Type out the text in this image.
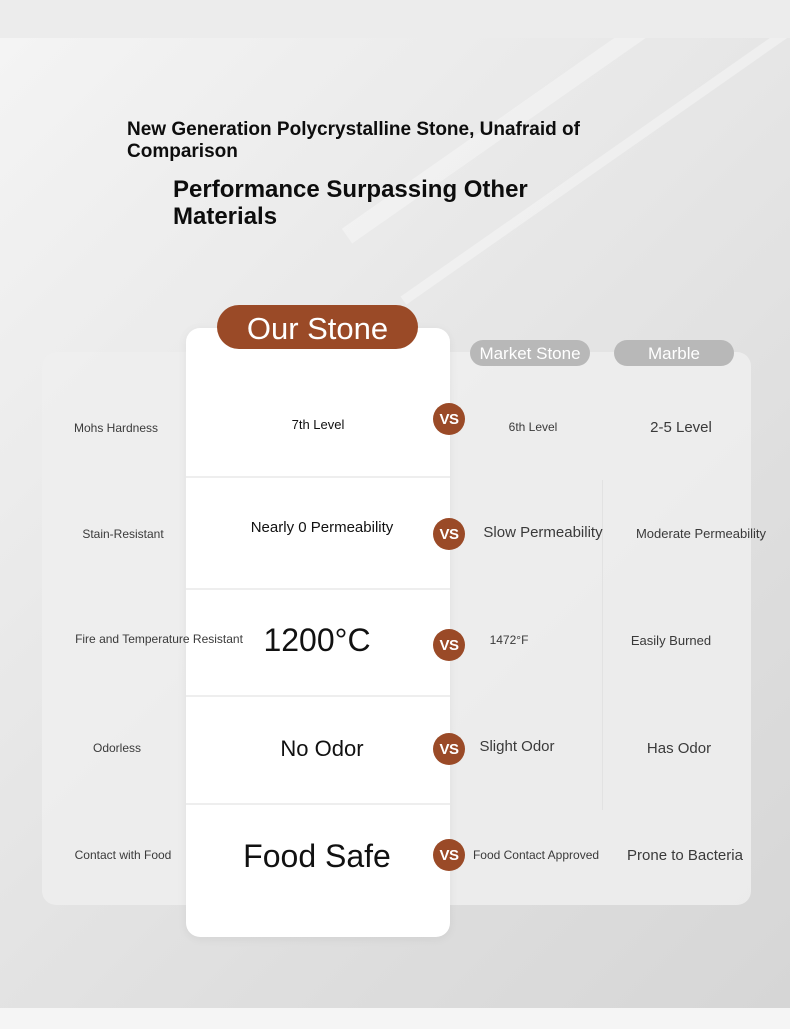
New Generation Polycrystalline Stone, Unafraid of Comparison
Performance Surpassing Other Materials
Our Stone
Market Stone	Marble
Mohs Hardness	7th Level	VS	6th Level	2-5 Level
Stain-Resistant	Nearly 0 Permeability	VS	Slow Permeability	Moderate Permeability
Fire and Temperature Resistant 1200°C	VS	1472°F	Easily Burned
Odorless	No Odor	VS	Slight Odor	Has Odor
Contact with Food	Food Safe	VS	Food Contact Approved	Prone to Bacteria
